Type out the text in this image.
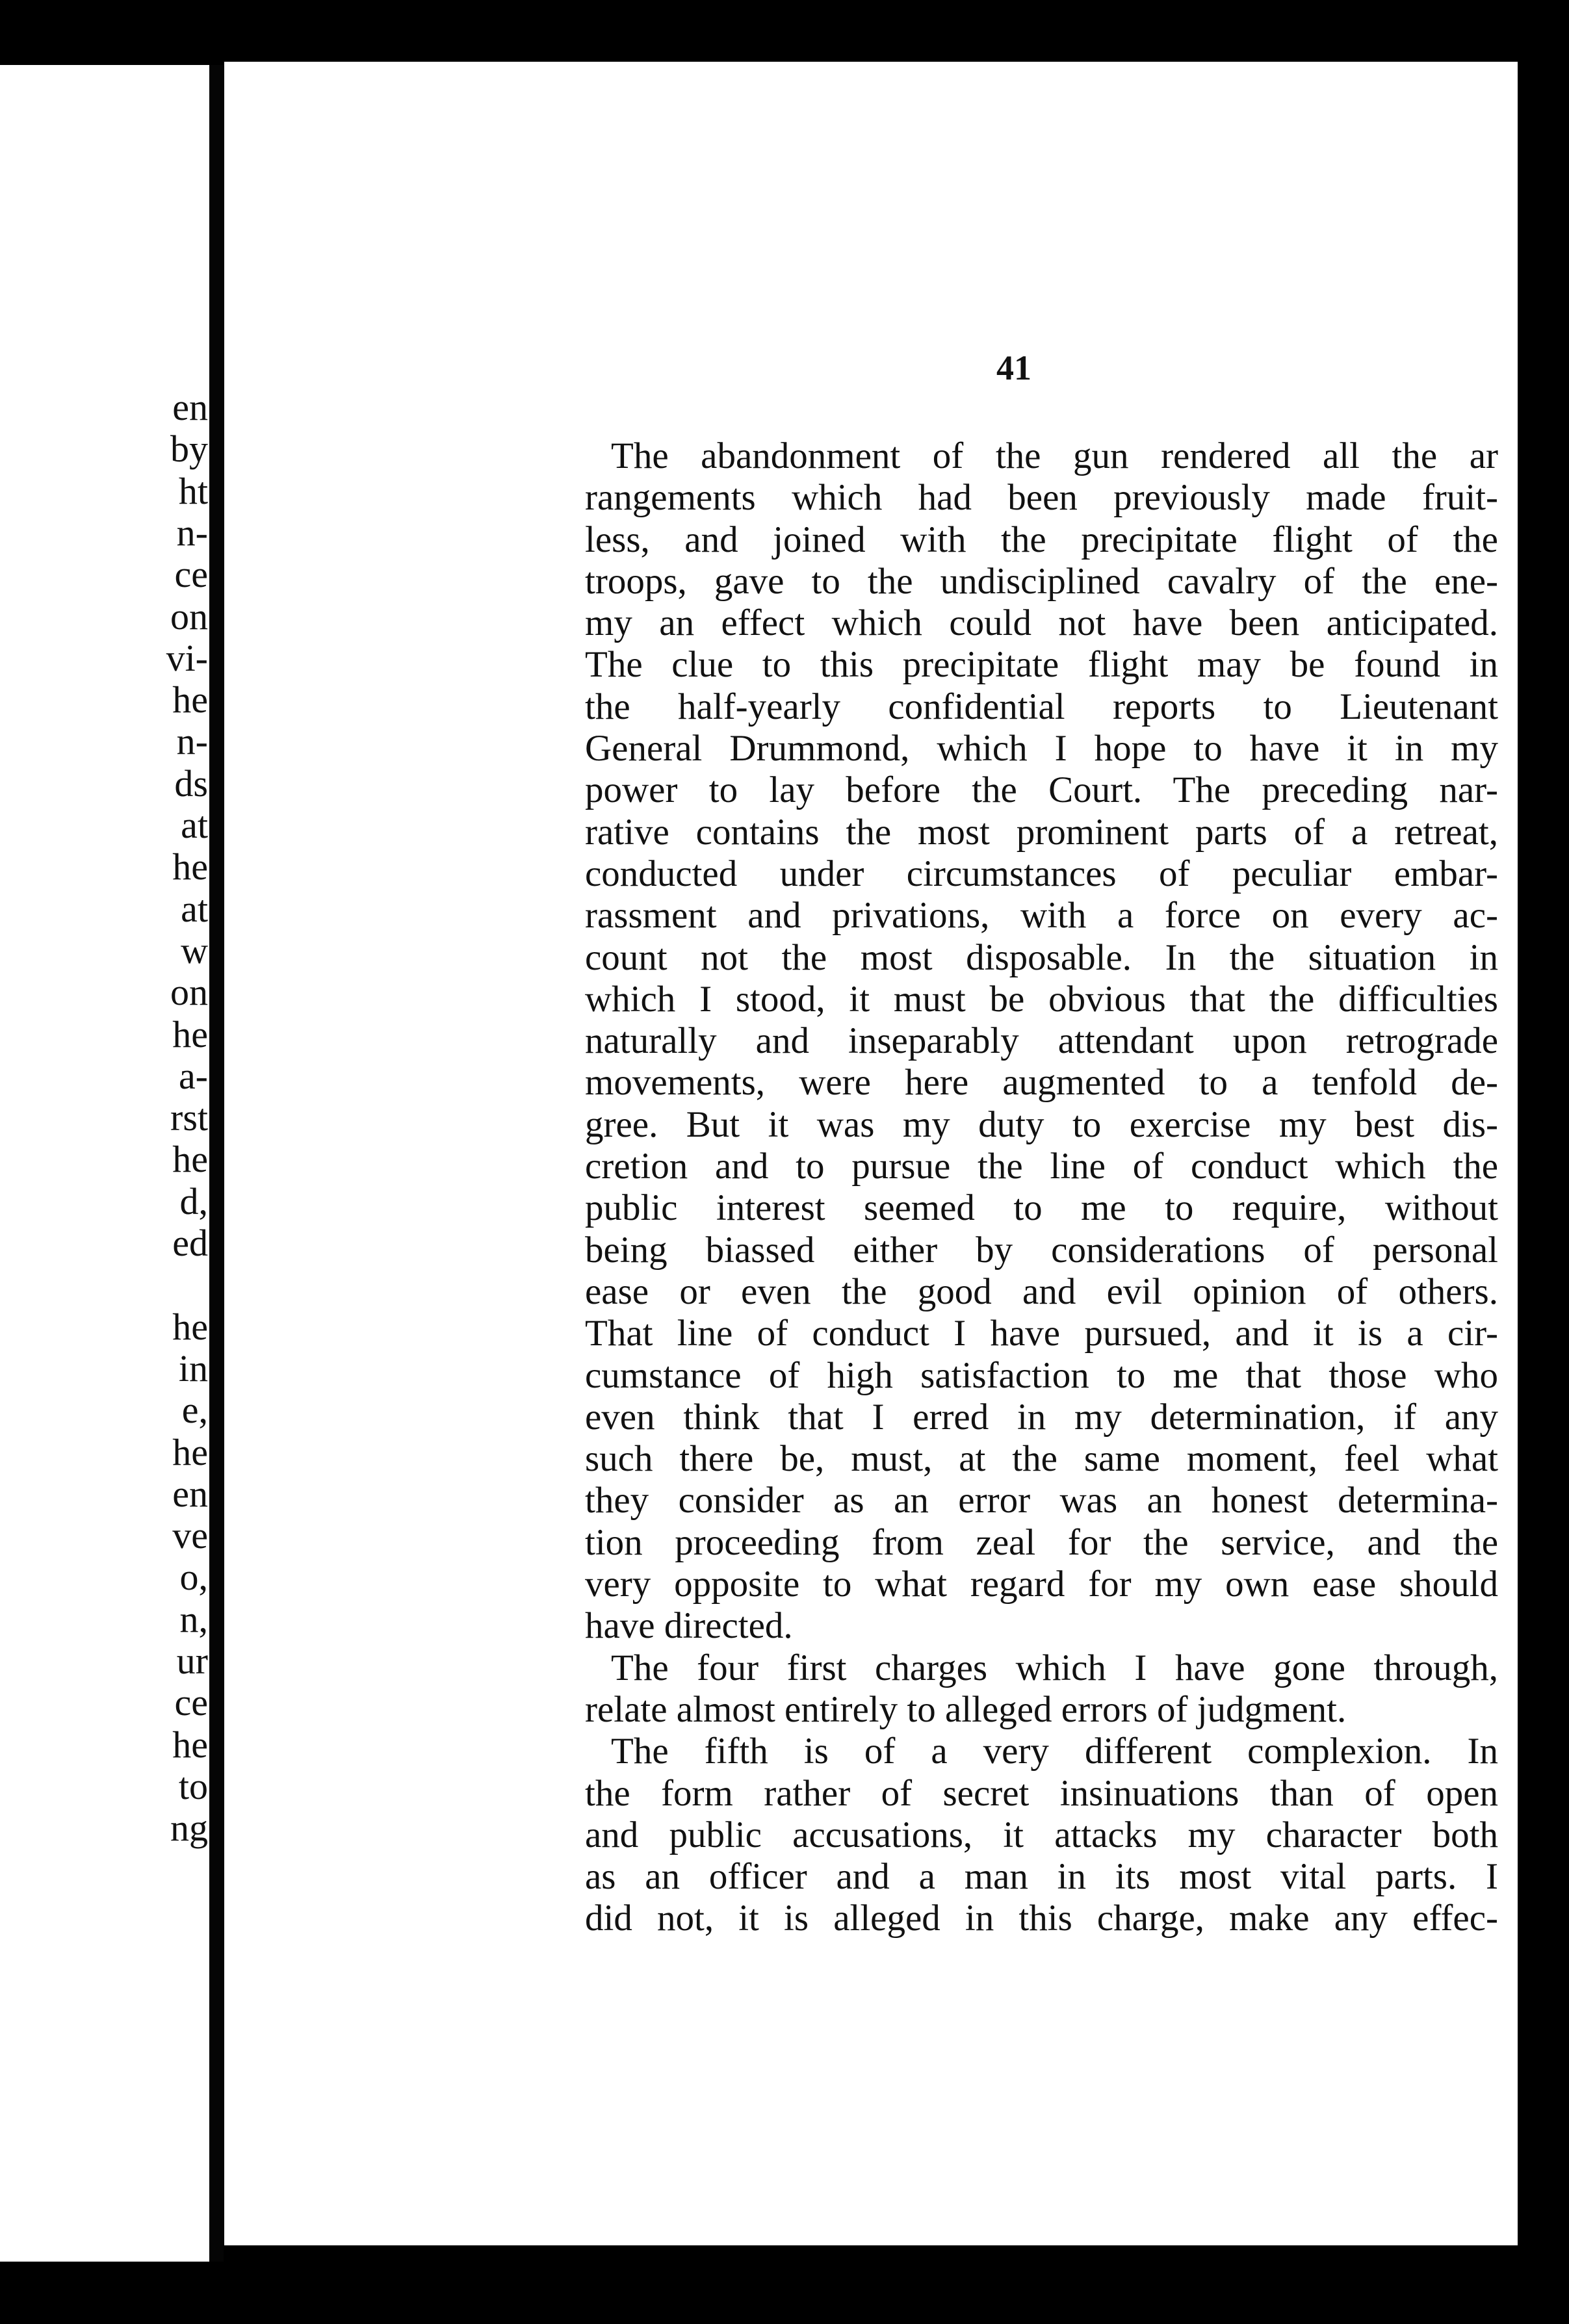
en
by
ht
n-
ce
on
vi-
he
n-
ds
at
he
at
w
on
he
a-
rst
he
d,
ed
he
in
e,
he
en
ve
o,
n,
ur
ce
he
to
ng
41
The abandonment of the gun rendered all the ar
rangements which had been previously made fruit-
less, and joined with the precipitate flight of the
troops, gave to the undisciplined cavalry of the ene-
my an effect which could not have been anticipated.
The clue to this precipitate flight may be found in
the half-yearly confidential reports to Lieutenant
General Drummond, which I hope to have it in my
power to lay before the Court. The preceding nar-
rative contains the most prominent parts of a retreat,
conducted under circumstances of peculiar embar-
rassment and privations, with a force on every ac-
count not the most disposable. In the situation in
which I stood, it must be obvious that the difficulties
naturally and inseparably attendant upon retrograde
movements, were here augmented to a tenfold de-
gree. But it was my duty to exercise my best dis-
cretion and to pursue the line of conduct which the
public interest seemed to me to require, without
being biassed either by considerations of personal
ease or even the good and evil opinion of others.
That line of conduct I have pursued, and it is a cir-
cumstance of high satisfaction to me that those who
even think that I erred in my determination, if any
such there be, must, at the same moment, feel what
they consider as an error was an honest determina-
tion proceeding from zeal for the service, and the
very opposite to what regard for my own ease should
have directed.
The four first charges which I have gone through,
relate almost entirely to alleged errors of judgment.
The fifth is of a very different complexion. In
the form rather of secret insinuations than of open
and public accusations, it attacks my character both
as an officer and a man in its most vital parts. I
did not, it is alleged in this charge, make any effec-
